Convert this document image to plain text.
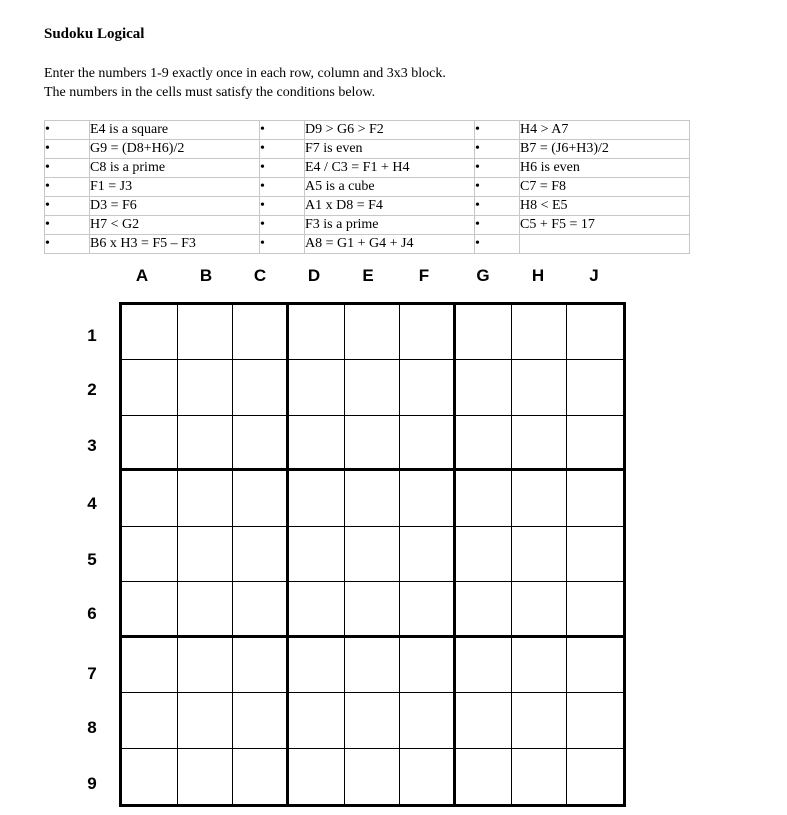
Sudoku Logical
Enter the numbers 1-9 exactly once in each row, column and 3x3 block.
The numbers in the cells must satisfy the conditions below.
•	E4 is a square	•	D9 > G6 > F2	•	H4 > A7
•	G9 = (D8+H6)/2	•	F7 is even	•	B7 = (J6+H3)/2
•	C8 is a prime	•	E4 / C3 = F1 + H4	•	H6 is even
•	F1 = J3	•	A5 is a cube	•	C7 = F8
•	D3 = F6	•	A1 x D8 = F4	•	H8 < E5
•	H7 < G2	•	F3 is a prime	•	C5 + F5 = 17
•	B6 x H3 = F5 – F3	•	A8 = G1 + G4 + J4	•	
A	B C D E	F	G H	J
1
2
3
4
5
6
7
8
9
